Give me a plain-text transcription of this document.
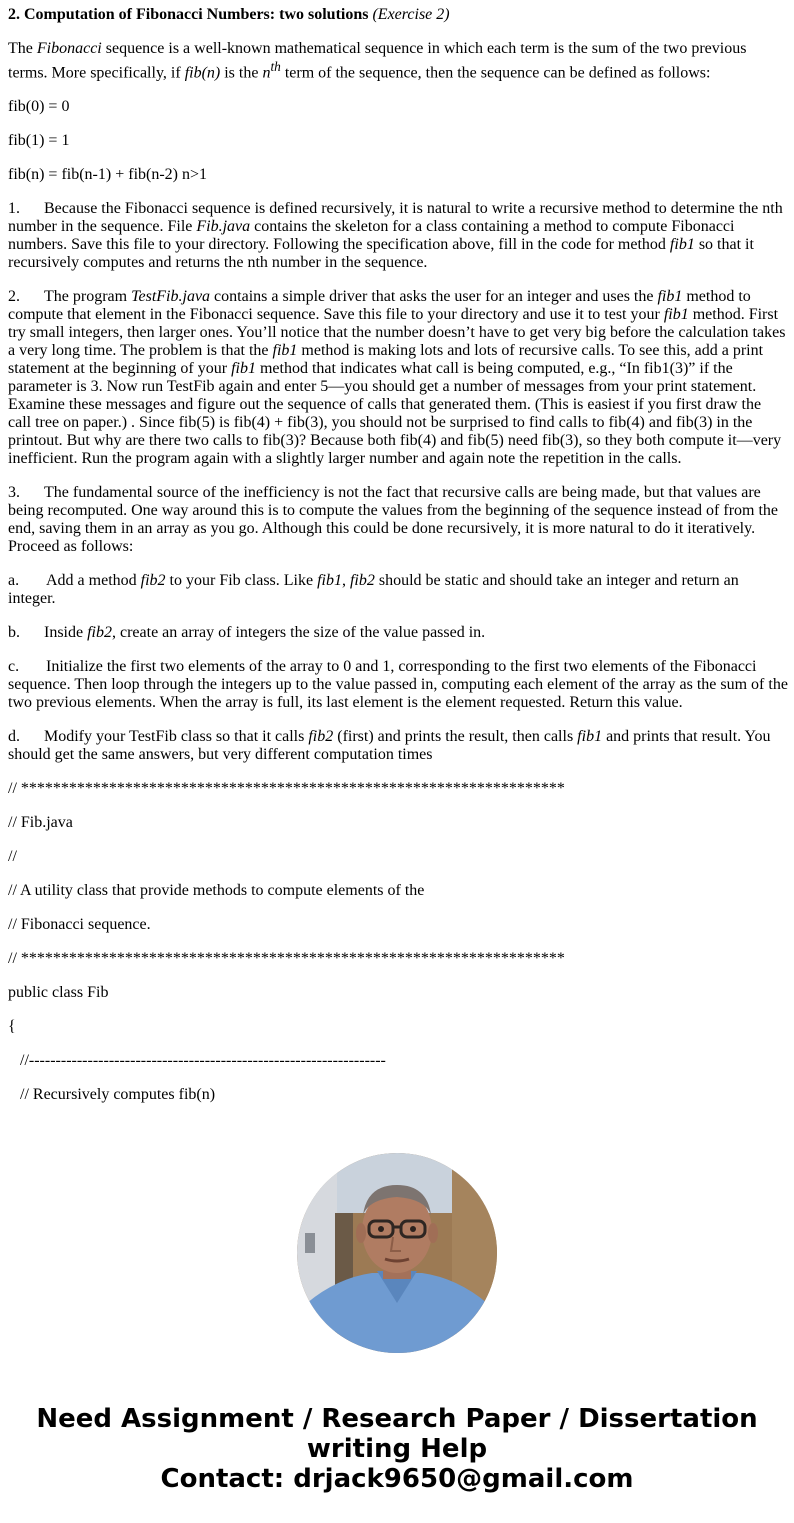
2. Computation of Fibonacci Numbers: two solutions (Exercise 2)

The Fibonacci sequence is a well-known mathematical sequence in which each term is the sum of the two previous terms. More specifically, if fib(n) is the $n^{th}$ term of the sequence, then the sequence can be defined as follows:

fib(0) = 0

fib(1) = 1

fib(n) = fib(n-1) + fib(n-2) n>1

1. Because the Fibonacci sequence is defined recursively, it is natural to write a recursive method to determine the nth number in the sequence. File Fib.java contains the skeleton for a class containing a method to compute Fibonacci numbers. Save this file to your directory. Following the specification above, fill in the code for method fib1 so that it recursively computes and returns the nth number in the sequence.

2. The program TestFib.java contains a simple driver that asks the user for an integer and uses the fib1 method to compute that element in the Fibonacci sequence. Save this file to your directory and use it to test your fib1 method. First try small integers, then larger ones. You’ll notice that the number doesn’t have to get very big before the calculation takes a very long time. The problem is that the fib1 method is making lots and lots of recursive calls. To see this, add a print statement at the beginning of your fib1 method that indicates what call is being computed, e.g., “In fib1(3)” if the parameter is 3. Now run TestFib again and enter 5—you should get a number of messages from your print statement. Examine these messages and figure out the sequence of calls that generated them. (This is easiest if you first draw the call tree on paper.) . Since fib(5) is fib(4) + fib(3), you should not be surprised to find calls to fib(4) and fib(3) in the printout. But why are there two calls to fib(3)? Because both fib(4) and fib(5) need fib(3), so they both compute it—very inefficient. Run the program again with a slightly larger number and again note the repetition in the calls.

3. The fundamental source of the inefficiency is not the fact that recursive calls are being made, but that values are being recomputed. One way around this is to compute the values from the beginning of the sequence instead of from the end, saving them in an array as you go. Although this could be done recursively, it is more natural to do it iteratively. Proceed as follows:

a. Add a method fib2 to your Fib class. Like fib1, fib2 should be static and should take an integer and return an integer.

b. Inside fib2, create an array of integers the size of the value passed in.

c. Initialize the first two elements of the array to 0 and 1, corresponding to the first two elements of the Fibonacci sequence. Then loop through the integers up to the value passed in, computing each element of the array as the sum of the two previous elements. When the array is full, its last element is the element requested. Return this value.

d. Modify your TestFib class so that it calls fib2 (first) and prints the result, then calls fib1 and prints that result. You should get the same answers, but very different computation times

// ********************************************************************

// Fib.java

//

// A utility class that provide methods to compute elements of the

// Fibonacci sequence.

// ********************************************************************

public class Fib

{

//-------------------------------------------------------------------

// Recursively computes fib(n)

Need Assignment / Research Paper / Dissertation
writing Help
Contact: drjack9650@gmail.com
